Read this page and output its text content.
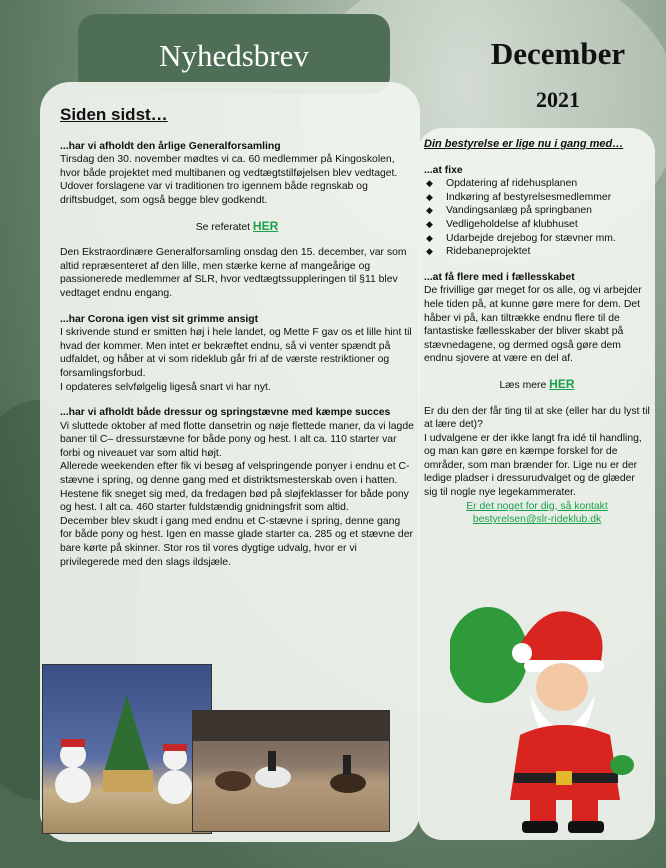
Nyhedsbrev	December
2021
Siden sidst…

...har vi afholdt den årlige Generalforsamling

Tirsdag den 30. november mødtes vi ca. 60 medlemmer på Kingoskolen, hvor både projektet med multibanen og vedtægtstilføjelsen blev vedtaget. Udover forslagene var vi traditionen tro igennem både regnskab og driftsbudget, som også begge blev godkendt.

Se referatet HER

Den Ekstraordinære Generalforsamling onsdag den 15. december, var som altid repræsenteret af den lille, men stærke kerne af mangeårige og passionerede medlemmer af SLR, hvor vedtægtssuppleringen til §11 blev vedtaget endnu engang.

...har Corona igen vist sit grimme ansigt

I skrivende stund er smitten høj i hele landet, og Mette F gav os et lille hint til hvad der kommer. Men intet er bekræftet endnu, så vi venter spændt på udfaldet, og håber at vi som rideklub går fri af de værste restriktioner og forsamlingsforbud.

I opdateres selvfølgelig ligeså snart vi har nyt.

...har vi afholdt både dressur og springstævne med kæmpe succes

Vi sluttede oktober af med flotte dansetrin og nøje flettede maner, da vi lagde baner til C– dressurstævne for både pony og hest. I alt ca. 110 starter var forbi og niveauet var som altid højt.

Allerede weekenden efter fik vi besøg af velspringende ponyer i endnu et C-stævne i spring, og denne gang med et distriktsmesterskab oven i hatten. Hestene fik sneget sig med, da fredagen bød på sløjfeklasser for både pony og hest. I alt ca. 460 starter fuldstændig gnidningsfrit som altid.

December blev skudt i gang med endnu et C-stævne i spring, denne gang for både pony og hest. Igen en masse glade starter ca. 285 og et stævne der bare kørte på skinner. Stor ros til vores dygtige udvalg, hvor er vi privilegerede med den slags ildsjæle.

Din bestyrelse er lige nu i gang med…

...at fixe

◆ Opdatering af ridehusplanen
◆ Indkøring af bestyrelsesmedlemmer
◆ Vandingsanlæg på springbanen
◆ Vedligeholdelse af klubhuset
◆ Udarbejde drejebog for stævner mm.
◆ Ridebaneprojektet

...at få flere med i fællesskabet

De frivillige gør meget for os alle, og vi arbejder hele tiden på, at kunne gøre mere for dem. Det håber vi på, kan tiltrække endnu flere til de fantastiske fællesskaber der bliver skabt på stævnedagene, og dermed også gøre dem endnu sjovere at være en del af.

Læs mere HER

Er du den der får ting til at ske (eller har du lyst til at lære det)?

I udvalgene er der ikke langt fra idé til handling, og man kan gøre en kæmpe forskel for de områder, som man brænder for. Lige nu er der ledige pladser i dressurudvalget og de glæder sig til nogle nye legekammerater.

Er det noget for dig, så kontakt

bestyrelsen@slr-rideklub.dk
